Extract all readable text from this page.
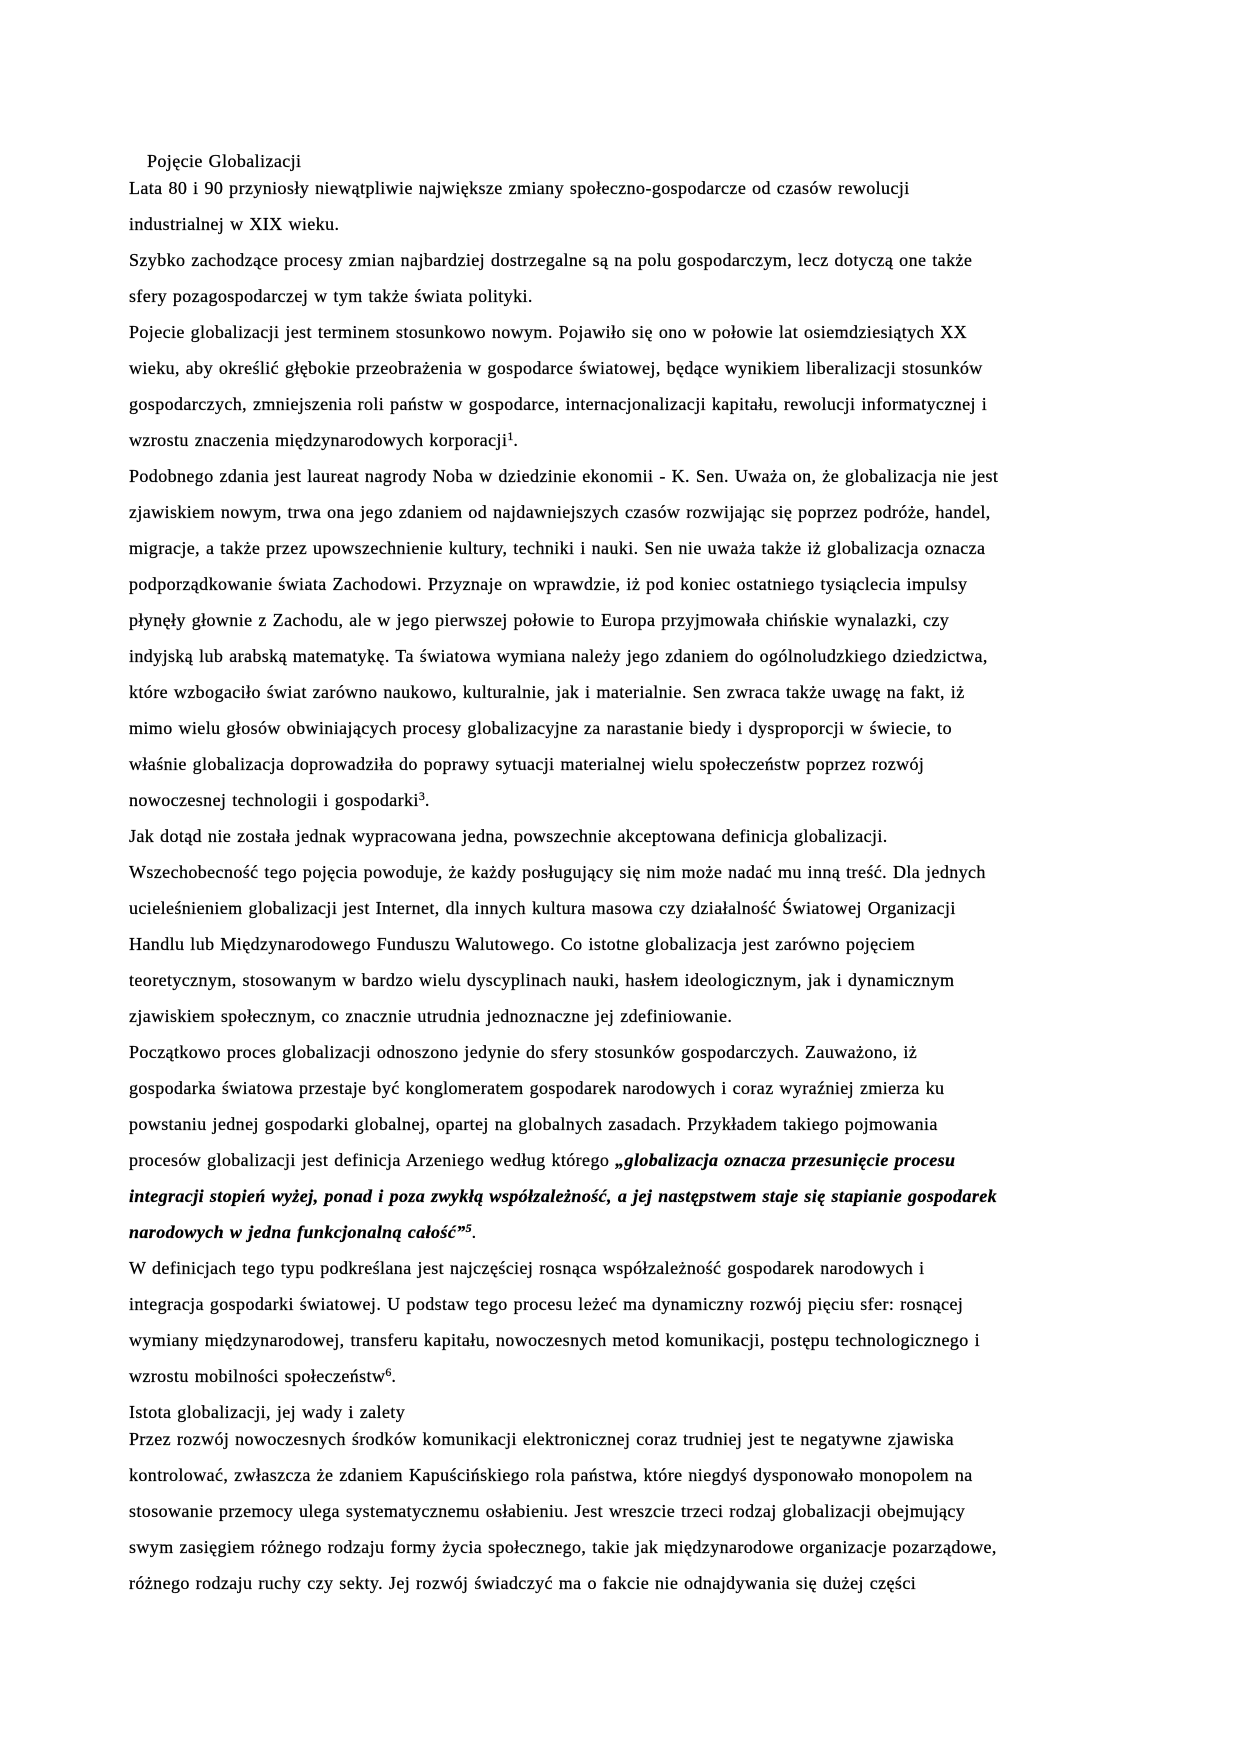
Pojęcie Globalizacji
Lata 80 i 90 przyniosły niewątpliwie największe zmiany społeczno-gospodarcze od czasów rewolucji
industrialnej w XIX wieku.
Szybko zachodzące procesy zmian najbardziej dostrzegalne są na polu gospodarczym, lecz dotyczą one także
sfery pozagospodarczej w tym także świata polityki.
Pojecie globalizacji jest terminem stosunkowo nowym. Pojawiło się ono w połowie lat osiemdziesiątych XX
wieku, aby określić głębokie przeobrażenia w gospodarce światowej, będące wynikiem liberalizacji stosunków
gospodarczych, zmniejszenia roli państw w gospodarce, internacjonalizacji kapitału, rewolucji informatycznej i
wzrostu znaczenia międzynarodowych korporacji$^1$.
Podobnego zdania jest laureat nagrody Noba w dziedzinie ekonomii - K. Sen. Uważa on, że globalizacja nie jest
zjawiskiem nowym, trwa ona jego zdaniem od najdawniejszych czasów rozwijając się poprzez podróże, handel,
migracje, a także przez upowszechnienie kultury, techniki i nauki. Sen nie uważa także iż globalizacja oznacza
podporządkowanie świata Zachodowi. Przyznaje on wprawdzie, iż pod koniec ostatniego tysiąclecia impulsy
płynęły głownie z Zachodu, ale w jego pierwszej połowie to Europa przyjmowała chińskie wynalazki, czy
indyjską lub arabską matematykę. Ta światowa wymiana należy jego zdaniem do ogólnoludzkiego dziedzictwa,
które wzbogaciło świat zarówno naukowo, kulturalnie, jak i materialnie. Sen zwraca także uwagę na fakt, iż
mimo wielu głosów obwiniających procesy globalizacyjne za narastanie biedy i dysproporcji w świecie, to
właśnie globalizacja doprowadziła do poprawy sytuacji materialnej wielu społeczeństw poprzez rozwój
nowoczesnej technologii i gospodarki$^3$.
Jak dotąd nie została jednak wypracowana jedna, powszechnie akceptowana definicja globalizacji.
Wszechobecność tego pojęcia powoduje, że każdy posługujący się nim może nadać mu inną treść. Dla jednych
ucieleśnieniem globalizacji jest Internet, dla innych kultura masowa czy działalność Światowej Organizacji
Handlu lub Międzynarodowego Funduszu Walutowego. Co istotne globalizacja jest zarówno pojęciem
teoretycznym, stosowanym w bardzo wielu dyscyplinach nauki, hasłem ideologicznym, jak i dynamicznym
zjawiskiem społecznym, co znacznie utrudnia jednoznaczne jej zdefiniowanie.
Początkowo proces globalizacji odnoszono jedynie do sfery stosunków gospodarczych. Zauważono, iż
gospodarka światowa przestaje być konglomeratem gospodarek narodowych i coraz wyraźniej zmierza ku
powstaniu jednej gospodarki globalnej, opartej na globalnych zasadach. Przykładem takiego pojmowania
procesów globalizacji jest definicja Arzeniego według którego „globalizacja oznacza przesunięcie procesu
integracji stopień wyżej, ponad i poza zwykłą współzależność, a jej następstwem staje się stapianie gospodarek
narodowych w jedna funkcjonalną całość”$^5$.
W definicjach tego typu podkreślana jest najczęściej rosnąca współzależność gospodarek narodowych i
integracja gospodarki światowej. U podstaw tego procesu leżeć ma dynamiczny rozwój pięciu sfer: rosnącej
wymiany międzynarodowej, transferu kapitału, nowoczesnych metod komunikacji, postępu technologicznego i
wzrostu mobilności społeczeństw$^6$.
Istota globalizacji, jej wady i zalety
Przez rozwój nowoczesnych środków komunikacji elektronicznej coraz trudniej jest te negatywne zjawiska
kontrolować, zwłaszcza że zdaniem Kapuścińskiego rola państwa, które niegdyś dysponowało monopolem na
stosowanie przemocy ulega systematycznemu osłabieniu. Jest wreszcie trzeci rodzaj globalizacji obejmujący
swym zasięgiem różnego rodzaju formy życia społecznego, takie jak międzynarodowe organizacje pozarządowe,
różnego rodzaju ruchy czy sekty. Jej rozwój świadczyć ma o fakcie nie odnajdywania się dużej części
